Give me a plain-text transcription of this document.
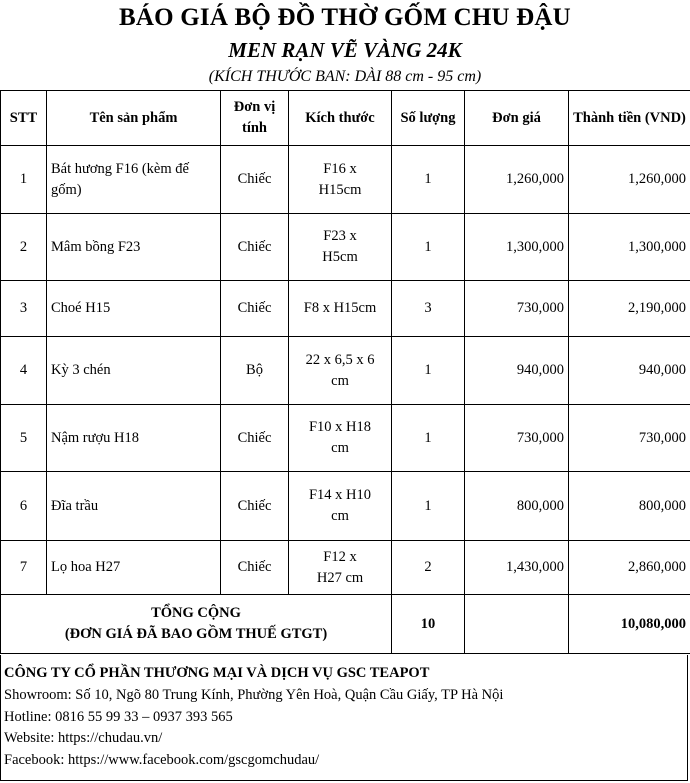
BÁO GIÁ BỘ ĐỒ THỜ GỐM CHU ĐẬU
MEN RẠN VẼ VÀNG 24K
(KÍCH THƯỚC BAN: DÀI 88 cm - 95 cm)
STT	Tên sản phẩm	Đơn vị tính	Kích thước	Số lượng	Đơn giá	Thành tiền (VND)
1	Bát hương F16 (kèm đế gốm)	Chiếc	F16 x H15cm	1	1,260,000	1,260,000
2	Mâm bồng F23	Chiếc	F23 x H5cm	1	1,300,000	1,300,000
3	Choé H15	Chiếc	F8 x H15cm	3	730,000	2,190,000
4	Kỳ 3 chén	Bộ	22 x 6,5 x 6 cm	1	940,000	940,000
5	Nậm rượu H18	Chiếc	F10 x H18 cm	1	730,000	730,000
6	Đĩa trầu	Chiếc	F14 x H10 cm	1	800,000	800,000
7	Lọ hoa H27	Chiếc	F12 x H27 cm	2	1,430,000	2,860,000

TỔNG CỘNG
(ĐƠN GIÁ ĐÃ BAO GỒM THUẾ GTGT)				10		10,080,000
CÔNG TY CỔ PHẦN THƯƠNG MẠI VÀ DỊCH VỤ GSC TEAPOT
Showroom: Số 10, Ngõ 80 Trung Kính, Phường Yên Hoà, Quận Cầu Giấy, TP Hà Nội
Hotline: 0816 55 99 33 – 0937 393 565
Website: https://chudau.vn/
Facebook: https://www.facebook.com/gscgomchudau/
